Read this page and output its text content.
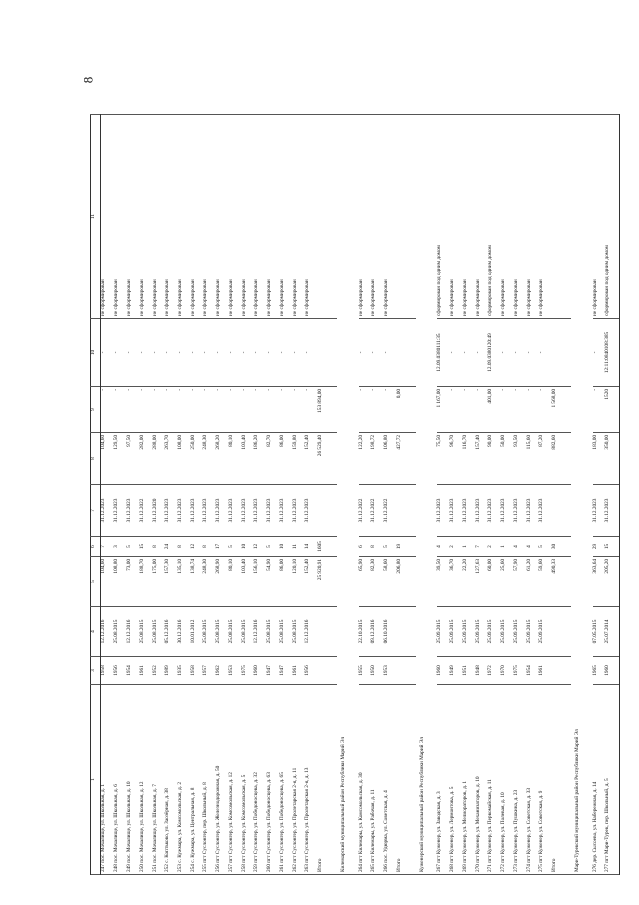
8
1	3	4	5	6	7	8	9	10	11
247 пос. Мочалище, ул. Школьная, д. 1	1958	12.12.2016	104,60	7	31.12.2023	104,60	-	-	не сформирован
248 пос. Мочалище, ул. Школьная, д. 6	1956	25.08.2015	108,80	3	31.12.2023	129,50	-	-	не сформирован
249 пос. Мочалище, ул. Школьная, д. 10	1954	12.12.2016	73,00	5	31.12.2023	97,50	-	-	не сформирован
250 пос. Мочалище, ул. Школьная, д. 12	1961	25.08.2015	188,70	15	31.12.2022	282,00	-	-	не сформирован
251 пос. Мочалище, ул. Школьная, д. 7	1952	25.08.2015	175,00	8	31.12.2020	288,00	-	-	не сформирован
252 с. Коптьково, ул. Заозёрная, д. 38	1989	05.12.2016	157,30	24	31.12.2023	263,70	-	-	не сформирован
253 с. Кужмара, ул. Комсомольская, д. 2	1935	30.12.2016	135,10	8	31.12.2023	108,00	-	-	не сформирован
254 с. Кужмара, ул. Центральная, д. 8	1958	10.01.2012	138,74	12	31.12.2023	250,00	-	-	не сформирован
255 пгт Суслонгер, пер. Школьный, д. 8	1957	25.08.2015	248,30	8	31.12.2023	248,30	-	-	не сформирован
256 пгт Суслонгер, ул. Железнодорожная, д. 50	1962	25.08.2015	268,90	17	31.12.2023	268,20	-	-	не сформирован
257 пгт Суслонгер, ул. Комсомольская, д. 12	1953	25.08.2015	80,10	5	31.12.2023	80,10	-	-	не сформирован
258 пгт Суслонгер, ул. Комсомольская, д. 5	1975	25.08.2015	103,40	10	31.12.2023	103,40	-	-	не сформирован
259 пгт Суслонгер, ул. Победоносцева, д. 32	1960	12.12.2016	156,10	12	31.12.2023	186,20	-	-	не сформирован
260 пгт Суслонгер, ул. Победоносцева, д. 63	1947	25.08.2015	54,90	5	31.12.2023	82,70	-	-	не сформирован
261 пгт Суслонгер, ул. Победоносцева, д. 65	1947	25.08.2015	86,00	10	31.12.2023	86,00	-	-	не сформирован
262 пгт Суслонгер, ул. Пролетарская 2-я, д. 11	1961	25.08.2015	120,10	11	31.12.2023	159,80	-	-	не сформирован
263 пгт Суслонгер, ул. Пролетарская 2-я, д. 13	1956	12.12.2016	152,40	14	31.12.2023	152,40	-	-	не сформирован
Итого			25 920,91	1605		26 529,40	153 894,00		
Килемарский муниципальный район Республики Марий Эл									
264 пгт Килемары, ул. Комсомольская, д. 30	1955	22.10.2015	65,90	6	31.12.2022	122,20	-	-	не сформирован
265 пгт Килемары, ул. Рабочая, д. 11	1950	09.12.2016	82,30	8	31.12.2022	198,72	-	-	не сформирован
266 пос. Удюрма, ул. Советская, д. 4	1953	06.10.2016	58,60	5	31.12.2022	106,80	-	-	не сформирован
Итого			206,80	19		427,72	0,00		
Куженерский муниципальный район Республики Марий Эл									
267 пгт Куженер, ул. Заводская, д. 3	1960	25.09.2015	39,50	4	31.12.2023	75,50	1 167,00	12.09.0380111:35	сформирован под одним домом
268 пгт Куженер, ул. Лермонтова, д. 5	1949	25.09.2015	36,70	2	31.12.2023	96,70	-	-	не сформирован
269 пгт Куженер, ул. Мелиораторов, д. 1	1951	25.09.2015	22,20	1	31.12.2023	116,70	-	-	не сформирован
270 пгт Куженер, ул. Механизаторов, д. 10	1948	25.09.2015	127,63	7	31.12.2023	157,40	-	-	не сформирован
271 пгт Куженер, ул. Первомайская, д. 11	1972	25.09.2015	60,00	2	31.12.2023	90,00	401,00	12.09.0380120:49	сформирован под одним домом
272 пгт Куженер, ул. Полевая, д. 10	1970	25.09.2015	25,60	1	31.12.2023	50,00	-	-	не сформирован
273 пгт Куженер, ул. Пушкина, д. 23	1975	25.09.2015	57,90	4	31.12.2023	93,50	-	-	не сформирован
274 пгт Куженер, ул. Советская, д. 33	1954	25.09.2015	61,20	4	31.12.2023	115,60	-	-	не сформирован
275 пгт Куженер, ул. Советская, д. 9	1961	25.09.2015	59,60	5	31.12.2023	87,20	-	-	не сформирован
Итого			490,33	30		882,60	1 568,00		
Мари-Турекский муниципальный район Республики Марий Эл									
276 дер. Сысоево, ул. Набережная, д. 14	1965	07.05.2015	363,64	29	31.12.2023	183,00	-	-	не сформирован
277 пгт Мари-Турек, пер. Школьный, д. 5	1960	25.07.2014	205,20	15	31.12.2023	350,00	1520	12:11:0840108:385	сформирован под одним домом
